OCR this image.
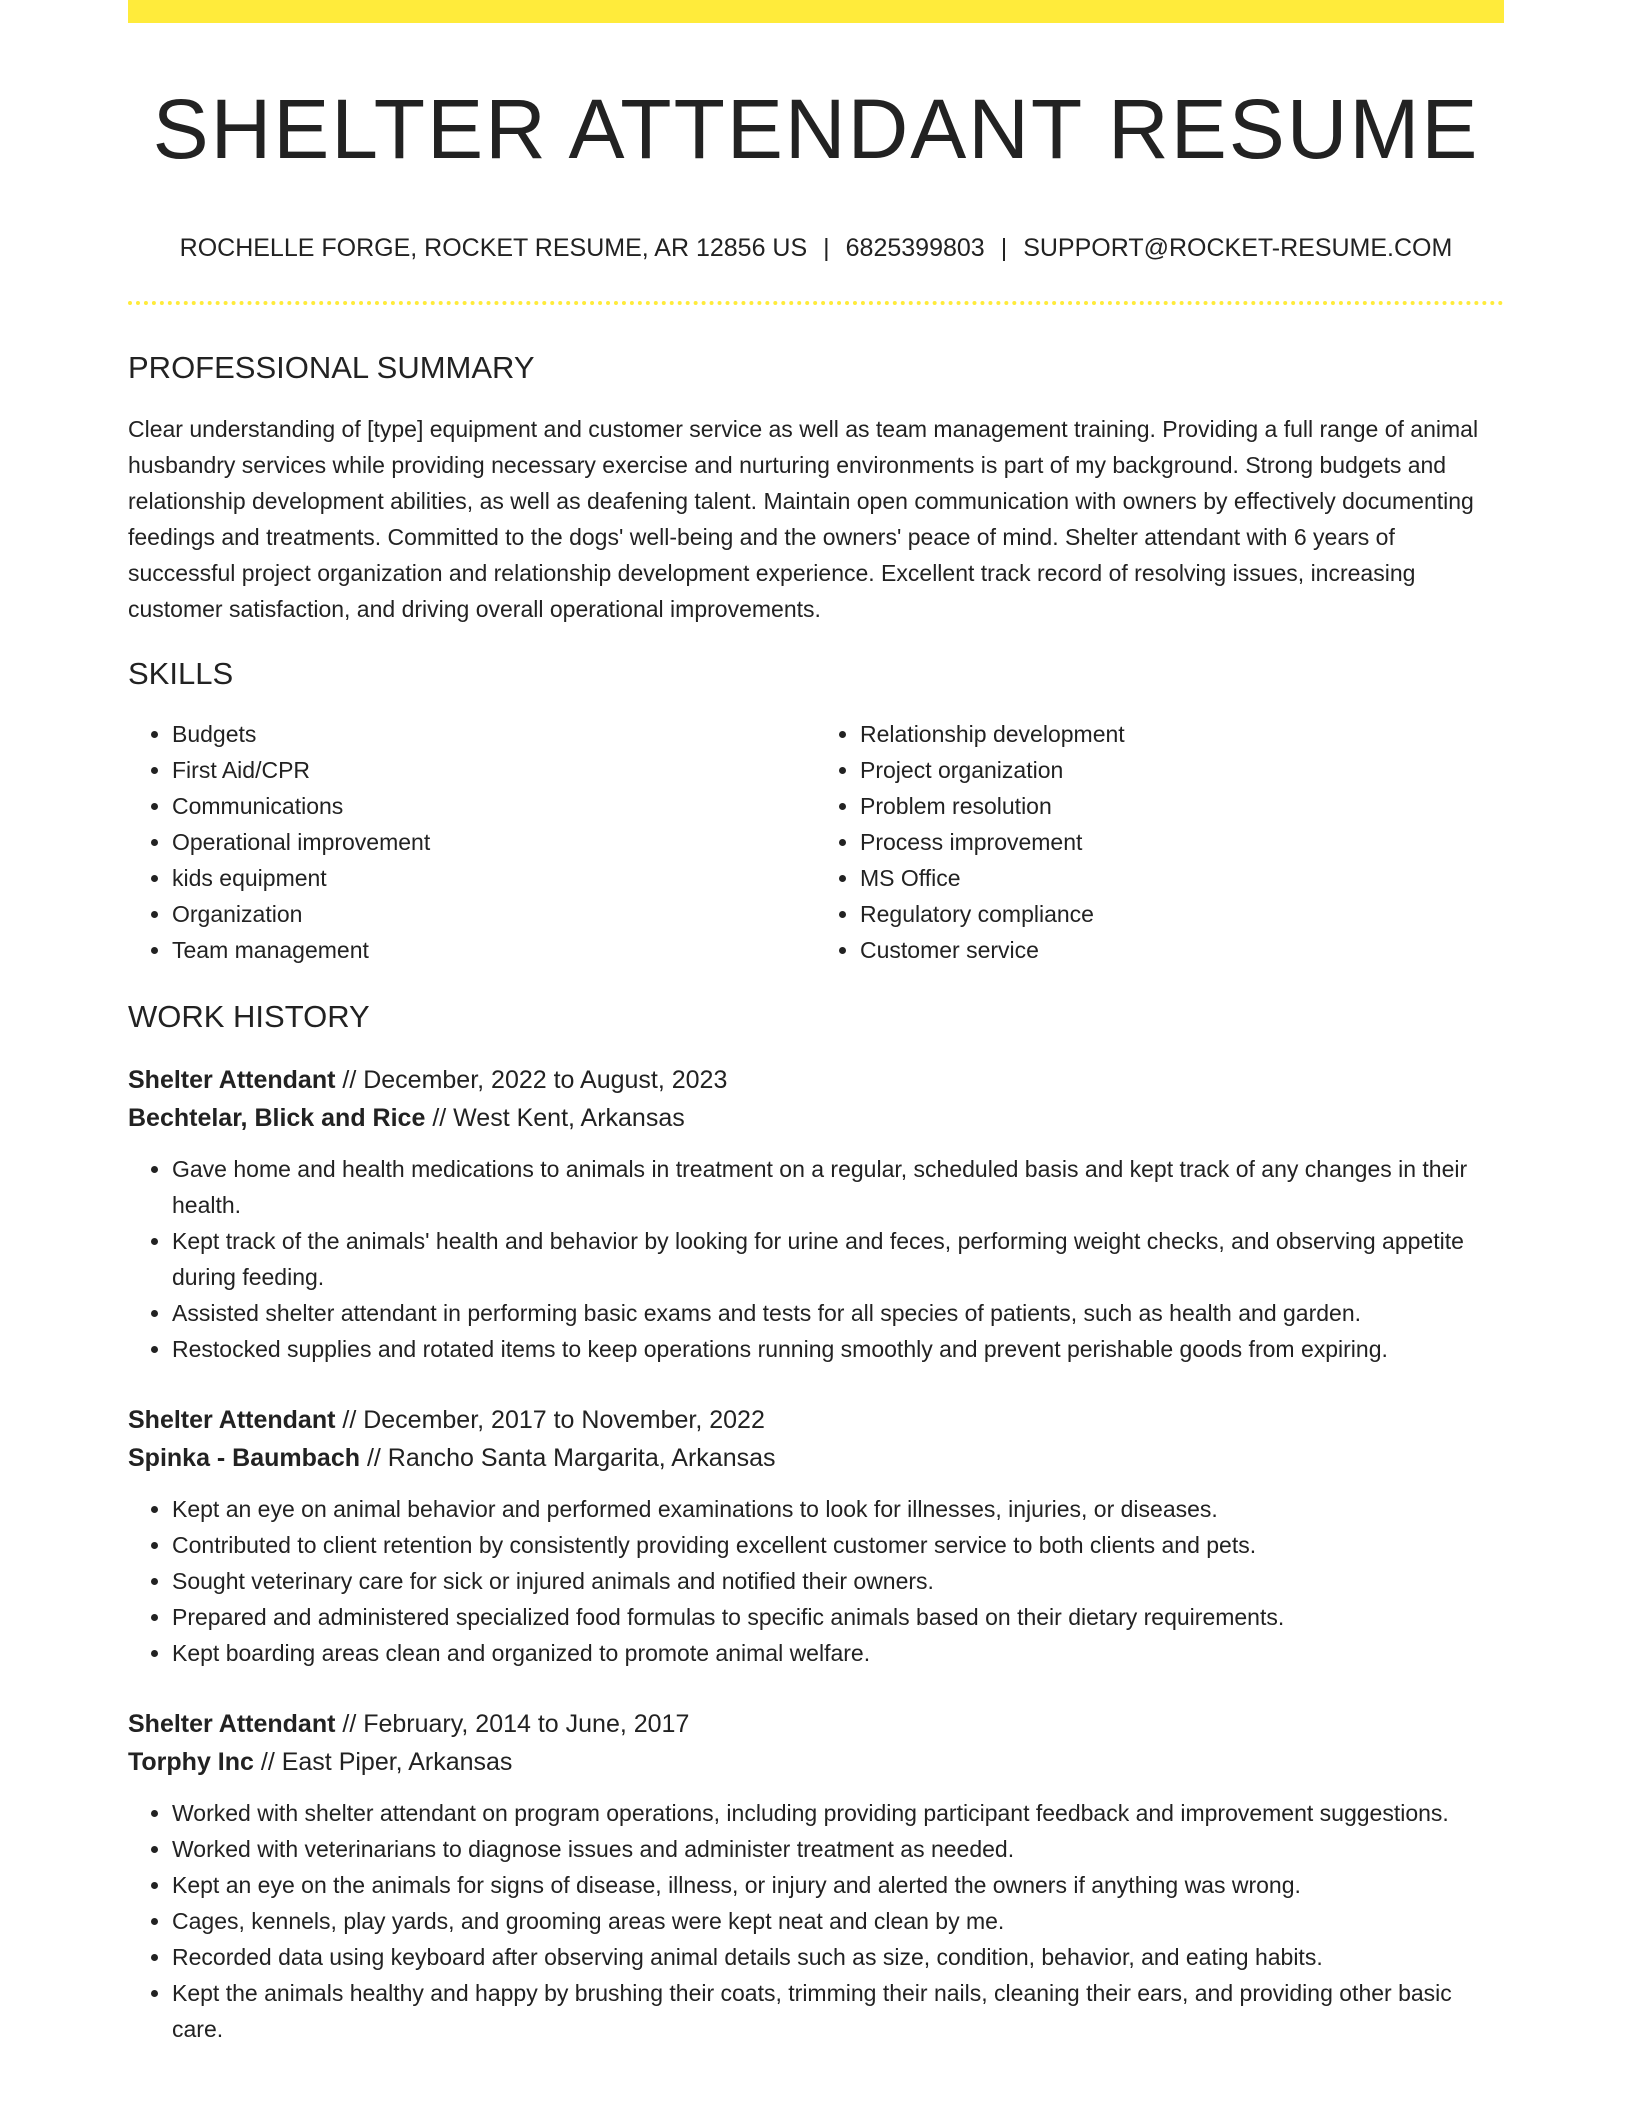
SHELTER ATTENDANT RESUME
ROCHELLE FORGE, ROCKET RESUME, AR 12856 US | 6825399803 | SUPPORT@ROCKET-RESUME.COM
PROFESSIONAL SUMMARY

Clear understanding of [type] equipment and customer service as well as team management training. Providing a full range of animal husbandry services while providing necessary exercise and nurturing environments is part of my background. Strong budgets and relationship development abilities, as well as deafening talent. Maintain open communication with owners by effectively documenting feedings and treatments. Committed to the dogs' well-being and the owners' peace of mind. Shelter attendant with 6 years of successful project organization and relationship development experience. Excellent track record of resolving issues, increasing customer satisfaction, and driving overall operational improvements.

SKILLS
• Budgets
• First Aid/CPR
• Communications
• Operational improvement
• kids equipment
• Organization
• Team management
• Relationship development
• Project organization
• Problem resolution
• Process improvement
• MS Office
• Regulatory compliance
• Customer service
WORK HISTORY
Shelter Attendant // December, 2022 to August, 2023
Bechtelar, Blick and Rice // West Kent, Arkansas
• Gave home and health medications to animals in treatment on a regular, scheduled basis and kept track of any changes in their health.
• Kept track of the animals' health and behavior by looking for urine and feces, performing weight checks, and observing appetite during feeding.
• Assisted shelter attendant in performing basic exams and tests for all species of patients, such as health and garden.
• Restocked supplies and rotated items to keep operations running smoothly and prevent perishable goods from expiring.
Shelter Attendant // December, 2017 to November, 2022
Spinka - Baumbach // Rancho Santa Margarita, Arkansas
• Kept an eye on animal behavior and performed examinations to look for illnesses, injuries, or diseases.
• Contributed to client retention by consistently providing excellent customer service to both clients and pets.
• Sought veterinary care for sick or injured animals and notified their owners.
• Prepared and administered specialized food formulas to specific animals based on their dietary requirements.
• Kept boarding areas clean and organized to promote animal welfare.
Shelter Attendant // February, 2014 to June, 2017
Torphy Inc // East Piper, Arkansas
• Worked with shelter attendant on program operations, including providing participant feedback and improvement suggestions.
• Worked with veterinarians to diagnose issues and administer treatment as needed.
• Kept an eye on the animals for signs of disease, illness, or injury and alerted the owners if anything was wrong.
• Cages, kennels, play yards, and grooming areas were kept neat and clean by me.
• Recorded data using keyboard after observing animal details such as size, condition, behavior, and eating habits.
• Kept the animals healthy and happy by brushing their coats, trimming their nails, cleaning their ears, and providing other basic care.
